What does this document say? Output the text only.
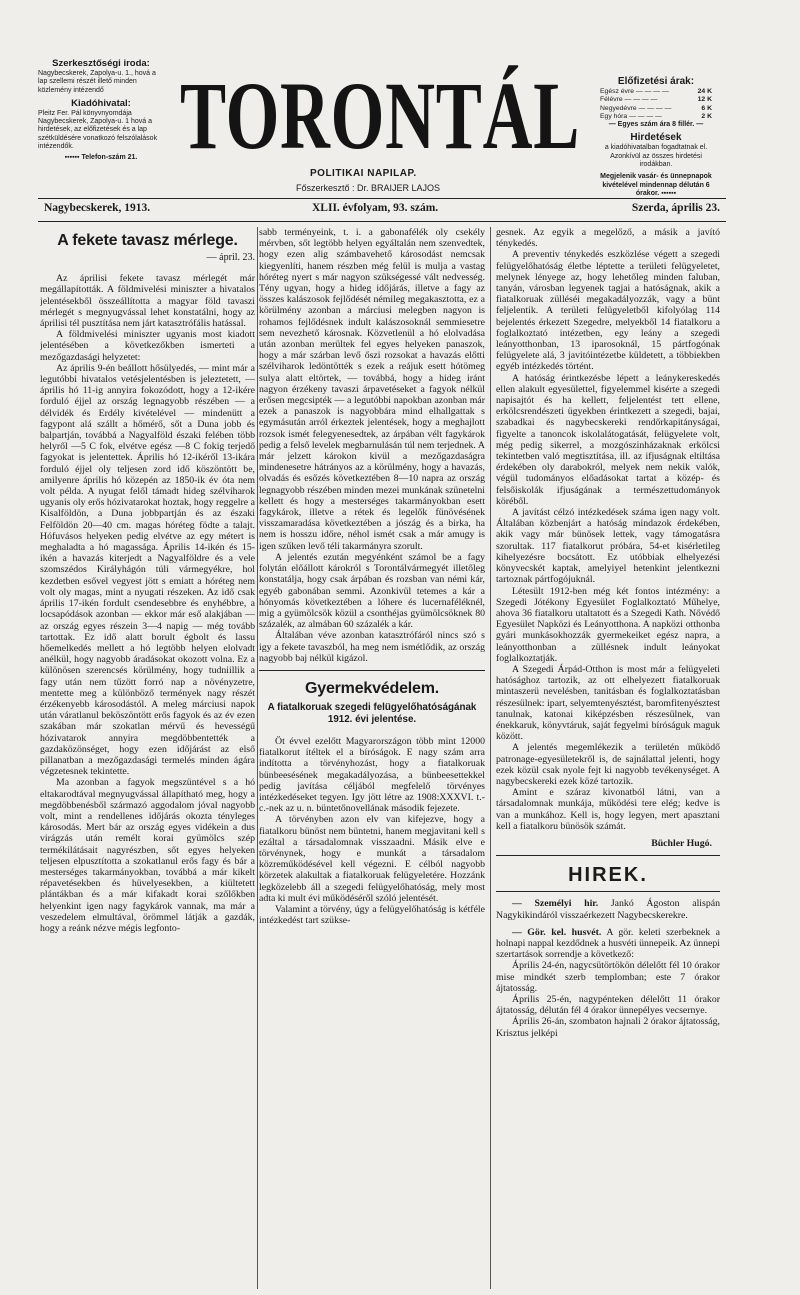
Szerkesztőségi iroda:

Nagybecskerek, Zapolya-u. 1., hová a lap szellemi részét illető minden közlemény intézendő

Kiadóhivatal:

Pleitz Fer. Pál könyvnyomdája Nagybecskerek, Zapolya-u. 1 hová a hirdetések, az előfizetések és a lap szétküldésére vonatkozó felszólalások intézendők.

▪▪▪▪▪▪ Telefon-szám 21. TORONTÁL
POLITIKAI NAPILAP.
Főszerkesztő : Dr. BRAIJER LAJOS
Előfizetési árak:
Egész évre — — — —	24 K
Félévre — — — —	12 K
Negyedévre — — — —	6 K
Egy hóra — — — —	2 K

— Egyes szám ára 8 fillér. —

Hirdetések

a kiadóhivatalban fogadtatnak el. Azonkívül az összes hirdetési irodákban.

Megjelenik vasár- és ünnepnapok kivételével mindennap délután 6 órakor. ▪▪▪▪▪▪

Nagybecskerek, 1913.	XLII. évfolyam, 93. szám.	Szerda, április 23.
A fekete tavasz mérlege.
— ápril. 23.

Az áprilisi fekete tavasz mérlegét már megállapították. A földmivelési miniszter a hivatalos jelentésekből összeállította a magyar föld tavaszi mérlegét s megnyugvással lehet konstatálni, hogy az áprilisi tél pusztítása nem járt katasztrófális hatással.

A földmivelési miniszter ugyanis most kiadott jelentésében a következőkben ismerteti a mezőgazdasági helyzetet:

Az április 9-én beállott hősülyedés, — mint már a legutóbbi hivatalos vetésjelentésben is jeleztetett, — április hó 11-ig annyira fokozódott, hogy a 12-ikére forduló éjjel az ország legnagyobb részében — a délvidék és Erdély kivételével — mindenütt a fagypont alá szállt a hőmérő, sőt a Duna jobb és balpartján, továbbá a Nagyalföld északi felében több helyről —5 C fok, elvétve egész —8 C fokig terjedő fagyokat is jelentettek. Április hó 12-ikéről 13-ikára forduló éjjel oly teljesen zord idő köszöntött be, amilyenre április hó közepén az 1850-ik év óta nem volt példa. A nyugat felől támadt hideg szélviharok ugyanis oly erős hózivatarokat hoztak, hogy reggelre a Kisalföldön, a Duna jobbpartján és az északi Felföldön 20—40 cm. magas hóréteg födte a talajt. Hófuvásos helyeken pedig elvétve az egy métert is meghaladta a hó magassága. Április 14-ikén és 15-ikén a havazás kiterjedt a Nagyalföldre és a vele szomszédos Királyhágón túli vármegyékre, hol kezdetben esővel vegyest jött s emiatt a hóréteg nem volt oly magas, mint a nyugati részeken. Az idő csak április 17-ikén fordult csendesebbre és enyhébbre, a locsapódások azonban — ekkor már eső alakjában — az ország egyes részein 3—4 napig — még tovább tartottak. Ez idő alatt borult égbolt és lassu hőemelkedés mellett a hó legtöbb helyen elolvadt anélkül, hogy nagyobb áradásokat okozott volna. Ez a különösen szerencsés körülmény, hogy tudniillik a fagy után nem tűzött forró nap a növényzetre, mentette meg a különböző termények nagy részét érzékenyebb károsodástól. A meleg márciusi napok után váratlanul beköszöntött erős fagyok és az év ezen szakában már szokatlan mérvű és hevességű hózivatarok annyira megdöbbentették a gazdaközönséget, hogy ezen időjárást az első pillanatban a mezőgazdasági termelés minden ágára végzetesnek tekintette.

Ma azonban a fagyok megszüntével s a hó eltakarodtával megnyugvással állapítható meg, hogy a megdöbbenésből származó aggodalom jóval nagyobb volt, mint a rendellenes időjárás okozta tényleges károsodás. Mert bár az ország egyes vidékein a dus virágzás után remélt korai gyümölcs szép termékilátásait nagyrészben, sőt egyes helyeken teljesen elpusztította a szokatlanul erős fagy és bár a mesterséges takarmányokban, továbbá a már kikelt répavetésekben és hüvelyesekben, a kiültetett plántákban és a már kifakadt korai szőlőkben helyenkint igen nagy fagykárok vannak, ma már a veszedelem elmultával, örömmel látják a gazdák, hogy a reánk nézve mégis legfonto-

sabb terményeink, t. i. a gabonafélék oly csekély mérvben, sőt legtöbb helyen egyáltalán nem szenvedtek, hogy ezen alig számbavehető károsodást nemcsak kiegyenlíti, hanem részben még felül is mulja a vastag hóréteg nyert s már nagyon szükségessé vált nedvesség. Tény ugyan, hogy a hideg időjárás, illetve a fagy az összes kalászosok fejlődését némileg megakasztotta, ez a körülmény azonban a márciusi melegben nagyon is rohamos fejlődésnek indult kalászosoknál semmiesetre sem nevezhető károsnak. Közvetlenül a hó elolvadása után azonban merültek fel egyes helyeken panaszok, hogy a már szárban levő őszi rozsokat a havazás előtti szélviharok ledöntötték s ezek a reájuk esett hótömeg sulya alatt eltörtek, — továbbá, hogy a hideg iránt nagyon érzékeny tavaszi árpavetéseket a fagyok nélkül erősen megcsipték — a legutóbbi napokban azonban már ezek a panaszok is nagyobbára mind elhallgattak s egymásután arról érkeztek jelentések, hogy a meghajlott rozsok ismét felegyenesedtek, az árpában vélt fagykárok pedig a felső levelek megbarnulásán túl nem terjednek. A már jelzett károkon kivül a mezőgazdaságra mindenesetre hátrányos az a körülmény, hogy a havazás, olvadás és esőzés következtében 8—10 napra az ország legnagyobb részében minden mezei munkának szünetelni kellett és hogy a mesterséges takarmányokban esett fagykárok, illetve a rétek és legelők fünövésének visszamaradása következtében a jószág és a birka, ha nem is hosszu időre, néhol ismét csak a már amugy is igen szűken levő téli takarmányra szorult.

A jelentés ezután megyénként számol be a fagy folytán előállott károkról s Torontálvármegyét illetőleg konstatálja, hogy csak árpában és rozsban van némi kár, egyéb gabonában semmi. Azonkivül tetemes a kár a hónyomás következtében a lóhere és lucernaféléknél, mig a gyümölcsök közül a csonthéjas gyümölcsöknek 80 százalék, az almában 60 százalék a kár.

Általában véve azonban katasztrófáról nincs szó s igy a fekete tavaszból, ha meg nem ismétlődik, az ország nagyobb baj nélkül kigázol.

Gyermekvédelem.
A fiatalkoruak szegedi felügyelőhatóságának 1912. évi jelentése.

Öt évvel ezelőtt Magyarországon több mint 12000 fiatalkorut ítéltek el a bíróságok. E nagy szám arra indította a törvényhozást, hogy a fiatalkoruak bünbeesésének megakadályozása, a bünbeesettekkel pedig javítása céljából megfelelő törvényes intézkedéseket tegyen. Igy jött létre az 1908:XXXVI. t.-c.-nek az u. n. büntetőnovellának második fejezete.

A törvényben azon elv van kifejezve, hogy a fiatalkoru bünöst nem büntetni, hanem megjavitani kell s ezáltal a társadalomnak visszaadni. Másik elve e törvénynek, hogy e munkát a társadalom közreműködésével kell végezni. E célból nagyobb körzetek alakultak a fiatalkoruak felügyeletére. Hozzánk legközelebb áll a szegedi felügyelőhatóság, mely most adta ki mult évi működéséről szóló jelentését.

Valamint a törvény, úgy a felügyelőhatóság is kétféle intézkedést tart szükse-

gesnek. Az egyik a megelőző, a másik a javító ténykedés.

A preventiv ténykedés eszközlése végett a szegedi felügyelőhatóság életbe léptette a területi felügyeletet, melynek lényege az, hogy lehetőleg minden faluban, tanyán, városban legyenek tagjai a hatóságnak, akik a fiatalkoruak zülléséi megakadályozzák, vagy a bünt feljelentik. A területi felügyeletből kifolyólag 114 bejelentés érkezett Szegedre, melyekből 14 fiatalkoru a foglalkoztató intézetben, egy leány a szegedi leányotthonban, 13 iparosoknál, 15 pártfogónak felügyelete alá, 3 javitóintézetbe küldetett, a többiekben egyéb intézkedés történt.

A hatóság érintkezésbe lépett a leánykereskedés ellen alakult egyesülettel, figyelemmel kisérte a szegedi napisajtót és ha kellett, feljelentést tett ellene, erkölcsrendészeti ügyekben érintkezett a szegedi, bajai, szabadkai és nagybecskereki rendőrkapitányságai, figyelte a tanoncok iskolalátogatását, felügyelete volt, még pedig sikerrel, a mozgószinházaknak erkölcsi tekintetben való megtisztítása, ill. az ifjuságnak eltiltása érdekében oly darabokról, melyek nem nekik valók, végül tudományos előadásokat tartat a közép- és felsőiskolák ifjuságának a természettudományok köréből.

A javítást célzó intézkedések száma igen nagy volt. Általában közbenjárt a hatóság mindazok érdekében, akik vagy már bünösek lettek, vagy támogatásra szorultak. 117 fiatalkorut próbára, 54-et kisérletileg kihelyezésre bocsátott. Ez utóbbiak elhelyezési könyvecskét kaptak, amelyiyel hetenkint jelentkezni tartoznak pártfogójuknál.

Létesült 1912-ben még két fontos intézmény: a Szegedi Jótékony Egyesület Foglalkoztató Műhelye, ahova 36 fiatalkoru utaltatott és a Szegedi Kath. Nővédő Egyesület Napközi és Leányotthona. A napközi otthonba gyári munkásokhozzák gyermekeiket egész napra, a leányotthonban a züllésnek indult leányokat foglalkoztatják.

A Szegedi Árpád-Otthon is most már a felügyeleti hatósághoz tartozik, az ott elhelyezett fiatalkoruak mintaszerü nevelésben, tanitásban és foglalkoztatásban részesülnek: ipart, selyemtenyésztést, baromfitenyésztest tanulnak, katonai kiképzésben részesülnek, van énekkaruk, könyvtáruk, saját fegyelmi bíróságuk maguk között.

A jelentés megemlékezik a területén működő patronage-egyesületekről is, de sajnálattal jelenti, hogy ezek közül csak nyole fejt ki nagyobb tevékenységet. A nagybecskereki ezek közé tartozik.

Amint e száraz kivonatból látni, van a társadalomnak munkája, működési tere elég; kedve is van a munkához. Kell is, hogy legyen, mert apasztani kell a fiatalkoru bünösök számát.

Büchler Hugó.
HIREK.

— Személyi hir. Jankó Ágoston alispán Nagykikindáról visszaérkezett Nagybecskerekre.

— Gör. kel. husvét. A gör. keleti szerbeknek a holnapi nappal kezdődnek a husvéti ünnepeik. Az ünnepi szertartások sorrendje a következő:

Április 24-én, nagycsütörtökön délelőtt fél 10 órakor mise mindkét szerb templomban; este 7 órakor ájtatosság.

Április 25-én, nagypénteken délelőtt 11 órakor ájtatosság, délután fél 4 órakor ünnepélyes vecsernye.

Április 26-án, szombaton hajnali 2 órakor ájtatosság, Krisztus jelképi
